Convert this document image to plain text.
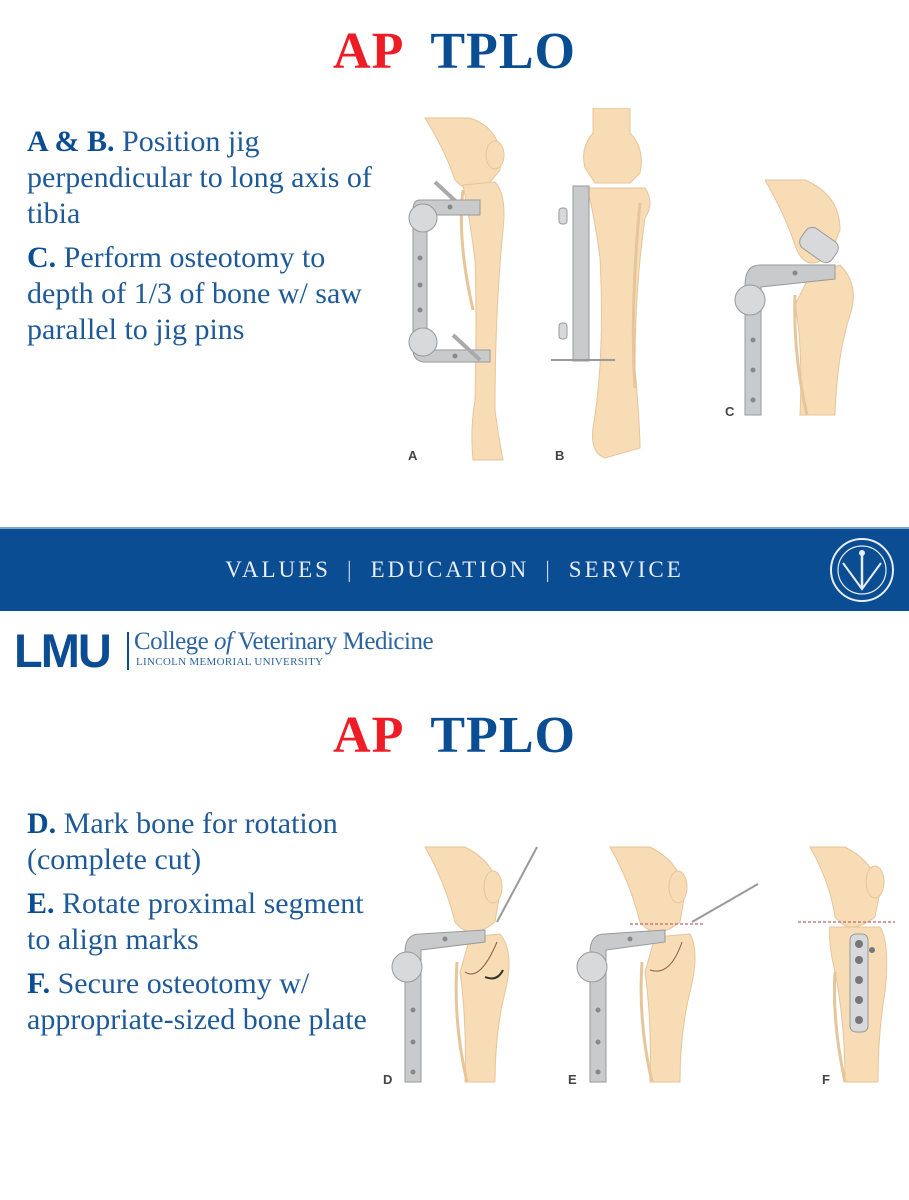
AP TPLO
A & B. Position jig perpendicular to long axis of tibia
C. Perform osteotomy to depth of 1/3 of bone w/ saw parallel to jig pins
A	B
C
VALUES | EDUCATION | SERVICE
LMU College of Veterinary Medicine
LINCOLN MEMORIAL UNIVERSITY
AP TPLO
D. Mark bone for rotation (complete cut)
E. Rotate proximal segment to align marks
F. Secure osteotomy w/ appropriate-sized bone plate
D	E	F
